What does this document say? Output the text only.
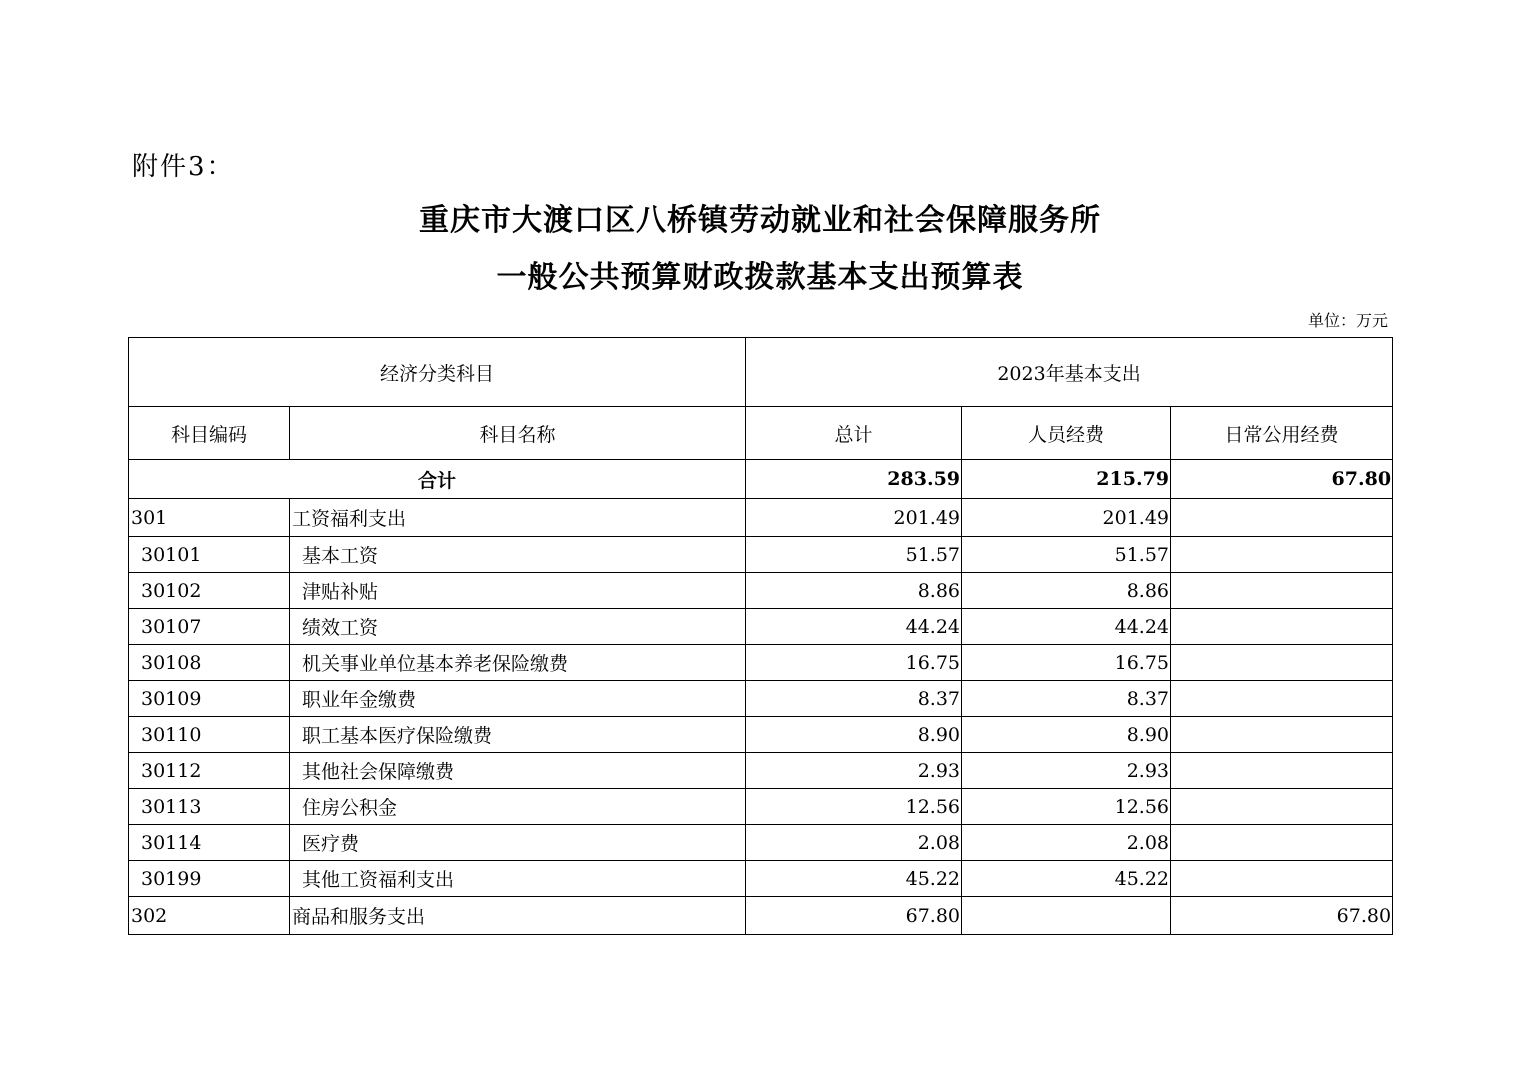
附件3：
重庆市大渡口区八桥镇劳动就业和社会保障服务所
一般公共预算财政拨款基本支出预算表
单位：万元
经济分类科目		2023年基本支出		
科目编码	科目名称	总计	人员经费	日常公用经费
合计		283.59	215.79	67.80
301	工资福利支出	201.49	201.49	
30101	基本工资	51.57	51.57	
30102	津贴补贴	8.86	8.86	
30107	绩效工资	44.24	44.24	
30108	机关事业单位基本养老保险缴费	16.75	16.75	
30109	职业年金缴费	8.37	8.37	
30110	职工基本医疗保险缴费	8.90	8.90	
30112	其他社会保障缴费	2.93	2.93	
30113	住房公积金	12.56	12.56	
30114	医疗费	2.08	2.08	
30199	其他工资福利支出	45.22	45.22	
302	商品和服务支出	67.80		67.80
